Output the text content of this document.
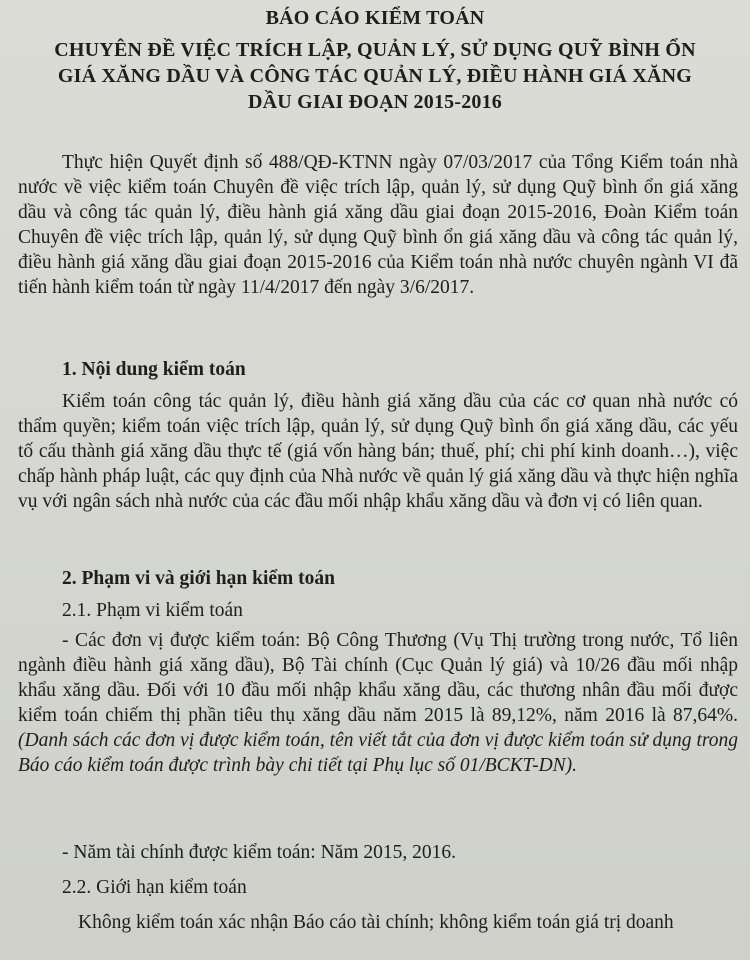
BÁO CÁO KIỂM TOÁN
CHUYÊN ĐỀ VIỆC TRÍCH LẬP, QUẢN LÝ, SỬ DỤNG QUỸ BÌNH ỔN
GIÁ XĂNG DẦU VÀ CÔNG TÁC QUẢN LÝ, ĐIỀU HÀNH GIÁ XĂNG
DẦU GIAI ĐOẠN 2015-2016

Thực hiện Quyết định số 488/QĐ-KTNN ngày 07/03/2017 của Tổng Kiểm toán nhà nước về việc kiểm toán Chuyên đề việc trích lập, quản lý, sử dụng Quỹ bình ổn giá xăng dầu và công tác quản lý, điều hành giá xăng dầu giai đoạn 2015-2016, Đoàn Kiểm toán Chuyên đề việc trích lập, quản lý, sử dụng Quỹ bình ổn giá xăng dầu và công tác quản lý, điều hành giá xăng dầu giai đoạn 2015-2016 của Kiểm toán nhà nước chuyên ngành VI đã tiến hành kiểm toán từ ngày 11/4/2017 đến ngày 3/6/2017.

1. Nội dung kiểm toán

Kiểm toán công tác quản lý, điều hành giá xăng dầu của các cơ quan nhà nước có thẩm quyền; kiểm toán việc trích lập, quản lý, sử dụng Quỹ bình ổn giá xăng dầu, các yếu tố cấu thành giá xăng dầu thực tế (giá vốn hàng bán; thuế, phí; chi phí kinh doanh…), việc chấp hành pháp luật, các quy định của Nhà nước về quản lý giá xăng dầu và thực hiện nghĩa vụ với ngân sách nhà nước của các đầu mối nhập khẩu xăng dầu và đơn vị có liên quan.

2. Phạm vi và giới hạn kiểm toán
2.1. Phạm vi kiểm toán

- Các đơn vị được kiểm toán: Bộ Công Thương (Vụ Thị trường trong nước, Tổ liên ngành điều hành giá xăng dầu), Bộ Tài chính (Cục Quản lý giá) và 10/26 đầu mối nhập khẩu xăng dầu. Đối với 10 đầu mối nhập khẩu xăng dầu, các thương nhân đầu mối được kiểm toán chiếm thị phần tiêu thụ xăng dầu năm 2015 là 89,12%, năm 2016 là 87,64%.(Danh sách các đơn vị được kiểm toán, tên viết tắt của đơn vị được kiểm toán sử dụng trong Báo cáo kiểm toán được trình bày chi tiết tại Phụ lục số 01/BCKT-DN).

- Năm tài chính được kiểm toán: Năm 2015, 2016.
2.2. Giới hạn kiểm toán
Không kiểm toán xác nhận Báo cáo tài chính; không kiểm toán giá trị doanh
